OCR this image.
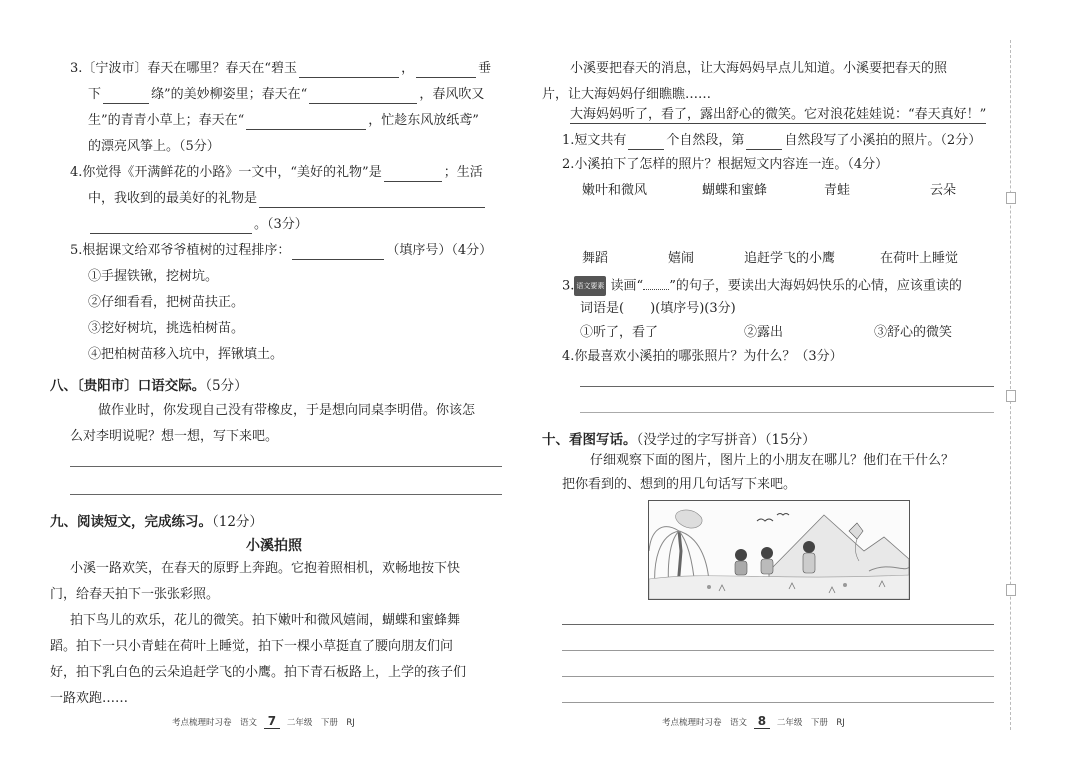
3.〔宁波市〕春天在哪里？春天在“碧玉	，	垂
下	绦”的美妙柳姿里；春天在“	，春风吹又
生”的青青小草上；春天在“	，忙趁东风放纸鸢”
的漂亮风筝上。（5分）
4.你觉得《开满鲜花的小路》一文中，“美好的礼物”是	；生活
中，我收到的最美好的礼物是
。（3分）
5.根据课文给邓爷爷植树的过程排序：	（填序号）（4分）
①手握铁锹，挖树坑。
②仔细看看，把树苗扶正。
③挖好树坑，挑选柏树苗。
④把柏树苗移入坑中，挥锹填土。
八、〔贵阳市〕口语交际。（5分）
做作业时，你发现自己没有带橡皮，于是想向同桌李明借。你该怎
么对李明说呢？想一想，写下来吧。
九、阅读短文，完成练习。（12分）
小溪拍照
小溪一路欢笑，在春天的原野上奔跑。它抱着照相机，欢畅地按下快
门，给春天拍下一张张彩照。
拍下鸟儿的欢乐，花儿的微笑。拍下嫩叶和微风嬉闹，蝴蝶和蜜蜂舞
蹈。拍下一只小青蛙在荷叶上睡觉，拍下一棵小草挺直了腰向朋友们问
好，拍下乳白色的云朵追赶学飞的小鹰。拍下青石板路上，上学的孩子们
一路欢跑……
考点梳理时习卷　 语文 7 二年级　 下册　 RJ
小溪要把春天的消息，让大海妈妈早点儿知道。小溪要把春天的照
片，让大海妈妈仔细瞧瞧……
大海妈妈听了，看了，露出舒心的微笑。它对浪花娃娃说：“春天真好！”
1.短文共有	个自然段，第	自然段写了小溪拍的照片。（2分）
2.小溪拍下了怎样的照片？根据短文内容连一连。（4分）
嫩叶和微风	蝴蝶和蜜蜂	青蛙	云朵
舞蹈	嬉闹	追赶学飞的小鹰	在荷叶上睡觉
3. 语文要素 读画“ ”的句子，要读出大海妈妈快乐的心情，应该重读的
词语是(　　)(填序号)(3分)
①听了，看了	②露出	③舒心的微笑
4.你最喜欢小溪拍的哪张照片？为什么？（3分）
十、看图写话。（没学过的字写拼音）（15分）
仔细观察下面的图片，图片上的小朋友在哪儿？他们在干什么？
把你看到的、想到的用几句话写下来吧。
考点梳理时习卷　 语文 8 二年级　 下册　 RJ
